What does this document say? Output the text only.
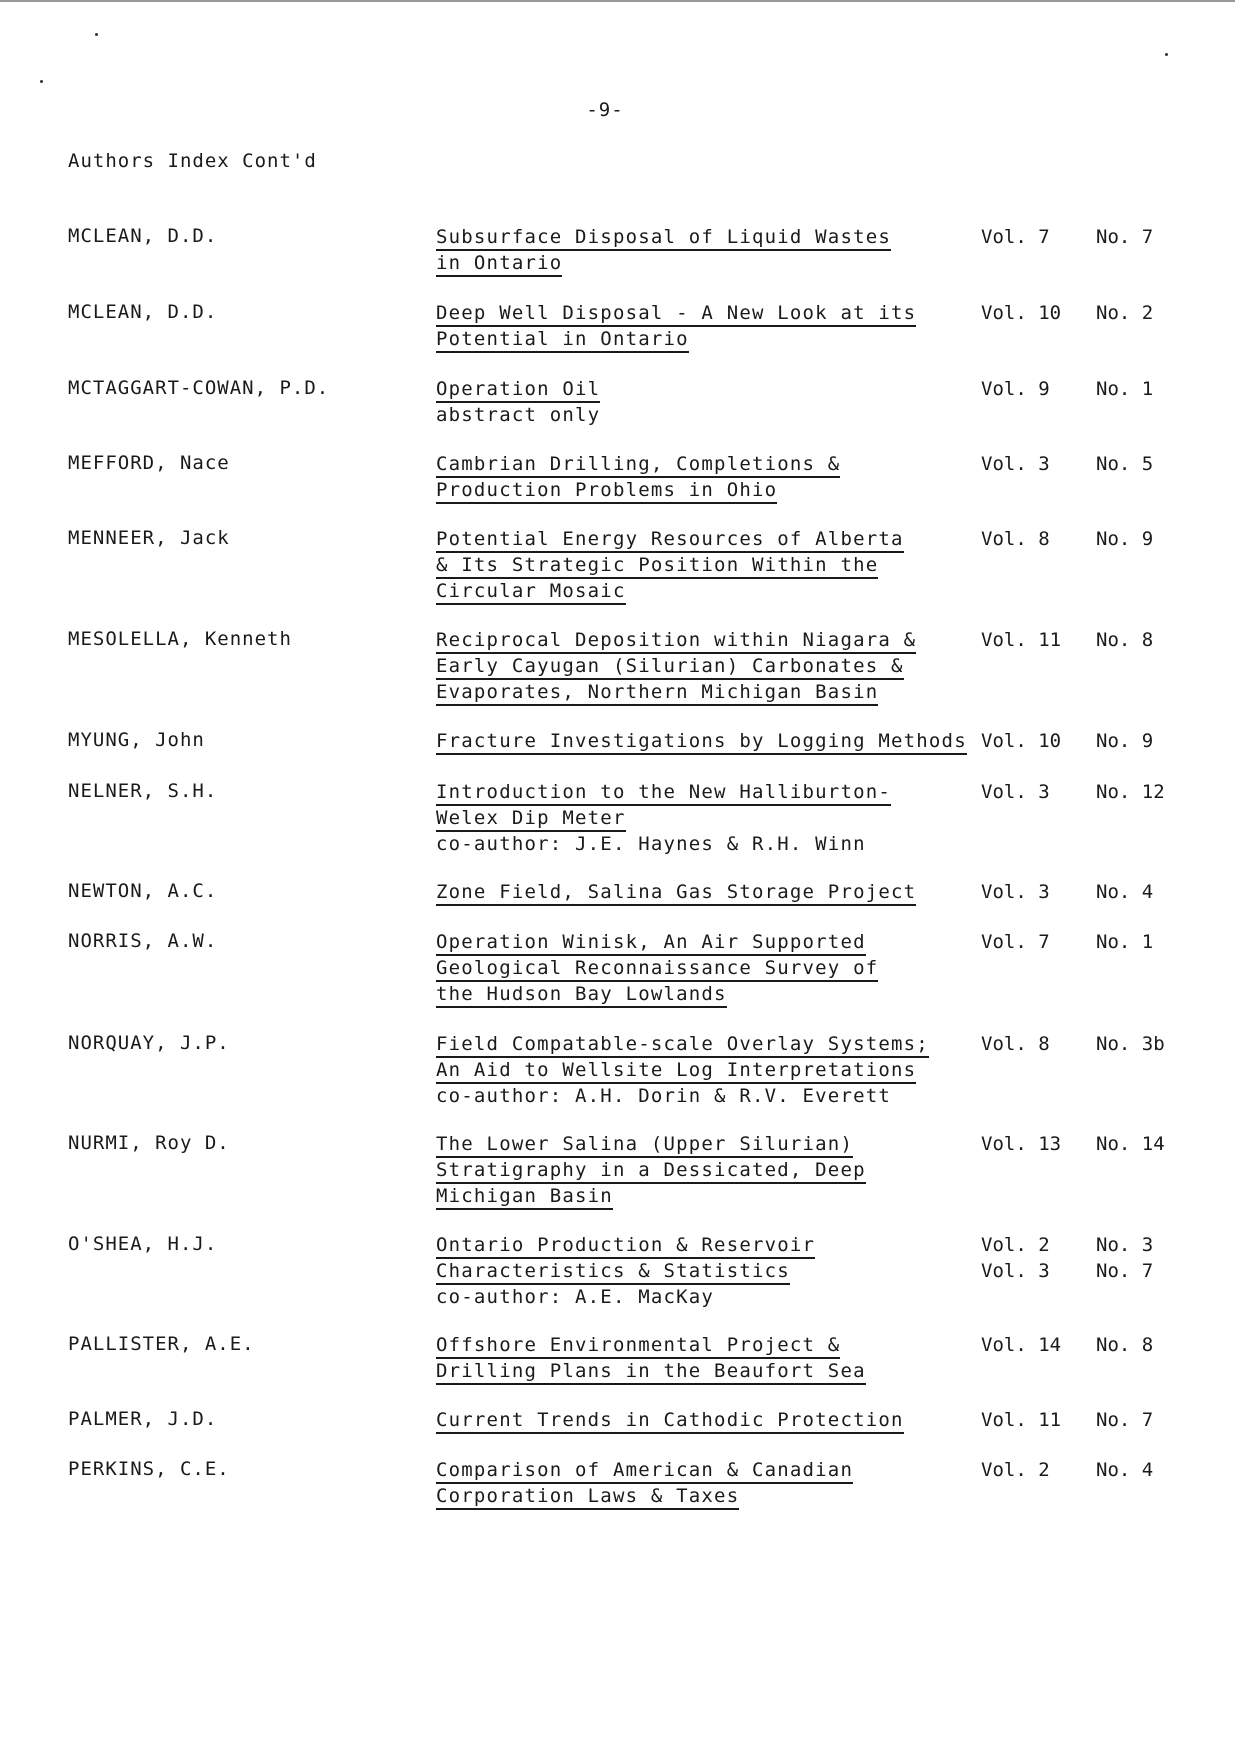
-9-
Authors Index Cont'd
MCLEAN, D.D.	Subsurface Disposal of Liquid Wastes
in Ontario
Vol. 7 No. 7
MCLEAN, D.D.	Deep Well Disposal - A New Look at its
Potential in Ontario
Vol. 10 No. 2
MCTAGGART-COWAN, P.D.	Operation Oil
abstract only
Vol. 9 No. 1
MEFFORD, Nace	Cambrian Drilling, Completions &
Production Problems in Ohio
Vol. 3 No. 5
MENNEER, Jack	Potential Energy Resources of Alberta
& Its Strategic Position Within the
Circular Mosaic
Vol. 8 No. 9
MESOLELLA, Kenneth	Reciprocal Deposition within Niagara &
Early Cayugan (Silurian) Carbonates &
Evaporates, Northern Michigan Basin
Vol. 11 No. 8
MYUNG, John	Fracture Investigations by Logging Methods Vol. 10 No. 9
NELNER, S.H.	Introduction to the New Halliburton-
Welex Dip Meter
co-author: J.E. Haynes & R.H. Winn
Vol. 3 No. 12
NEWTON, A.C.	Zone Field, Salina Gas Storage Project	Vol. 3 No. 4
NORRIS, A.W.	Operation Winisk, An Air Supported
Geological Reconnaissance Survey of
the Hudson Bay Lowlands
Vol. 7 No. 1
NORQUAY, J.P.	Field Compatable-scale Overlay Systems;
An Aid to Wellsite Log Interpretations
co-author: A.H. Dorin & R.V. Everett
Vol. 8 No. 3b
NURMI, Roy D.	The Lower Salina (Upper Silurian)
Stratigraphy in a Dessicated, Deep
Michigan Basin
Vol. 13 No. 14
O'SHEA, H.J.	Ontario Production & Reservoir
Characteristics & Statistics
co-author: A.E. MacKay
Vol. 2 No. 3
Vol. 3 No. 7
PALLISTER, A.E.	Offshore Environmental Project &
Drilling Plans in the Beaufort Sea
Vol. 14 No. 8
PALMER, J.D.	Current Trends in Cathodic Protection	Vol. 11 No. 7
PERKINS, C.E.	Comparison of American & Canadian
Corporation Laws & Taxes
Vol. 2 No. 4
